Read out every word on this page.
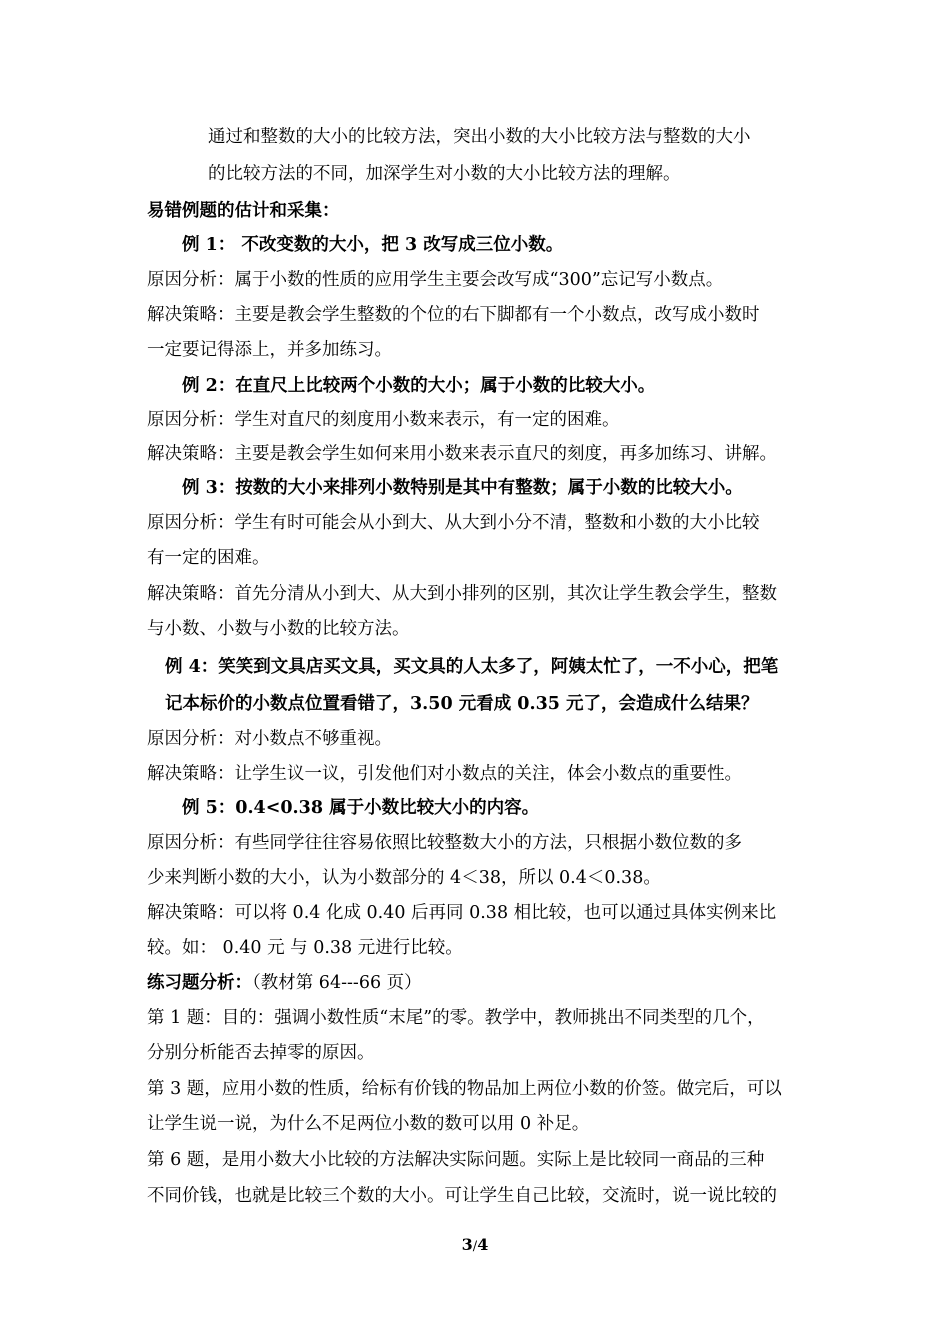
通过和整数的大小的比较方法，突出小数的大小比较方法与整数的大小
的比较方法的不同，加深学生对小数的大小比较方法的理解。
易错例题的估计和采集：
例 1： 不改变数的大小，把 3 改写成三位小数。
原因分析：属于小数的性质的应用学生主要会改写成“300”忘记写小数点。
解决策略：主要是教会学生整数的个位的右下脚都有一个小数点，改写成小数时
一定要记得添上，并多加练习。
例 2：在直尺上比较两个小数的大小；属于小数的比较大小。
原因分析：学生对直尺的刻度用小数来表示，有一定的困难。
解决策略：主要是教会学生如何来用小数来表示直尺的刻度，再多加练习、讲解。
例 3：按数的大小来排列小数特别是其中有整数；属于小数的比较大小。
原因分析：学生有时可能会从小到大、从大到小分不清，整数和小数的大小比较
有一定的困难。
解决策略：首先分清从小到大、从大到小排列的区别，其次让学生教会学生，整数
与小数、小数与小数的比较方法。
例 4：笑笑到文具店买文具，买文具的人太多了，阿姨太忙了，一不小心，把笔
记本标价的小数点位置看错了，3.50 元看成 0.35 元了，会造成什么结果？
原因分析：对小数点不够重视。
解决策略：让学生议一议，引发他们对小数点的关注，体会小数点的重要性。
例 5：0.4<0.38 属于小数比较大小的内容。
原因分析：有些同学往往容易依照比较整数大小的方法，只根据小数位数的多
少来判断小数的大小，认为小数部分的 4＜38，所以 0.4＜0.38。
解决策略：可以将 0.4 化成 0.40 后再同 0.38 相比较，也可以通过具体实例来比
较。如： 0.40 元 与 0.38 元进行比较。
练习题分析：（教材第 64---66 页）
第 1 题：目的：强调小数性质“末尾”的零。教学中，教师挑出不同类型的几个，
分别分析能否去掉零的原因。
第 3 题，应用小数的性质，给标有价钱的物品加上两位小数的价签。做完后，可以
让学生说一说，为什么不足两位小数的数可以用 0 补足。
第 6 题，是用小数大小比较的方法解决实际问题。实际上是比较同一商品的三种
不同价钱，也就是比较三个数的大小。可让学生自己比较，交流时，说一说比较的
3/4
